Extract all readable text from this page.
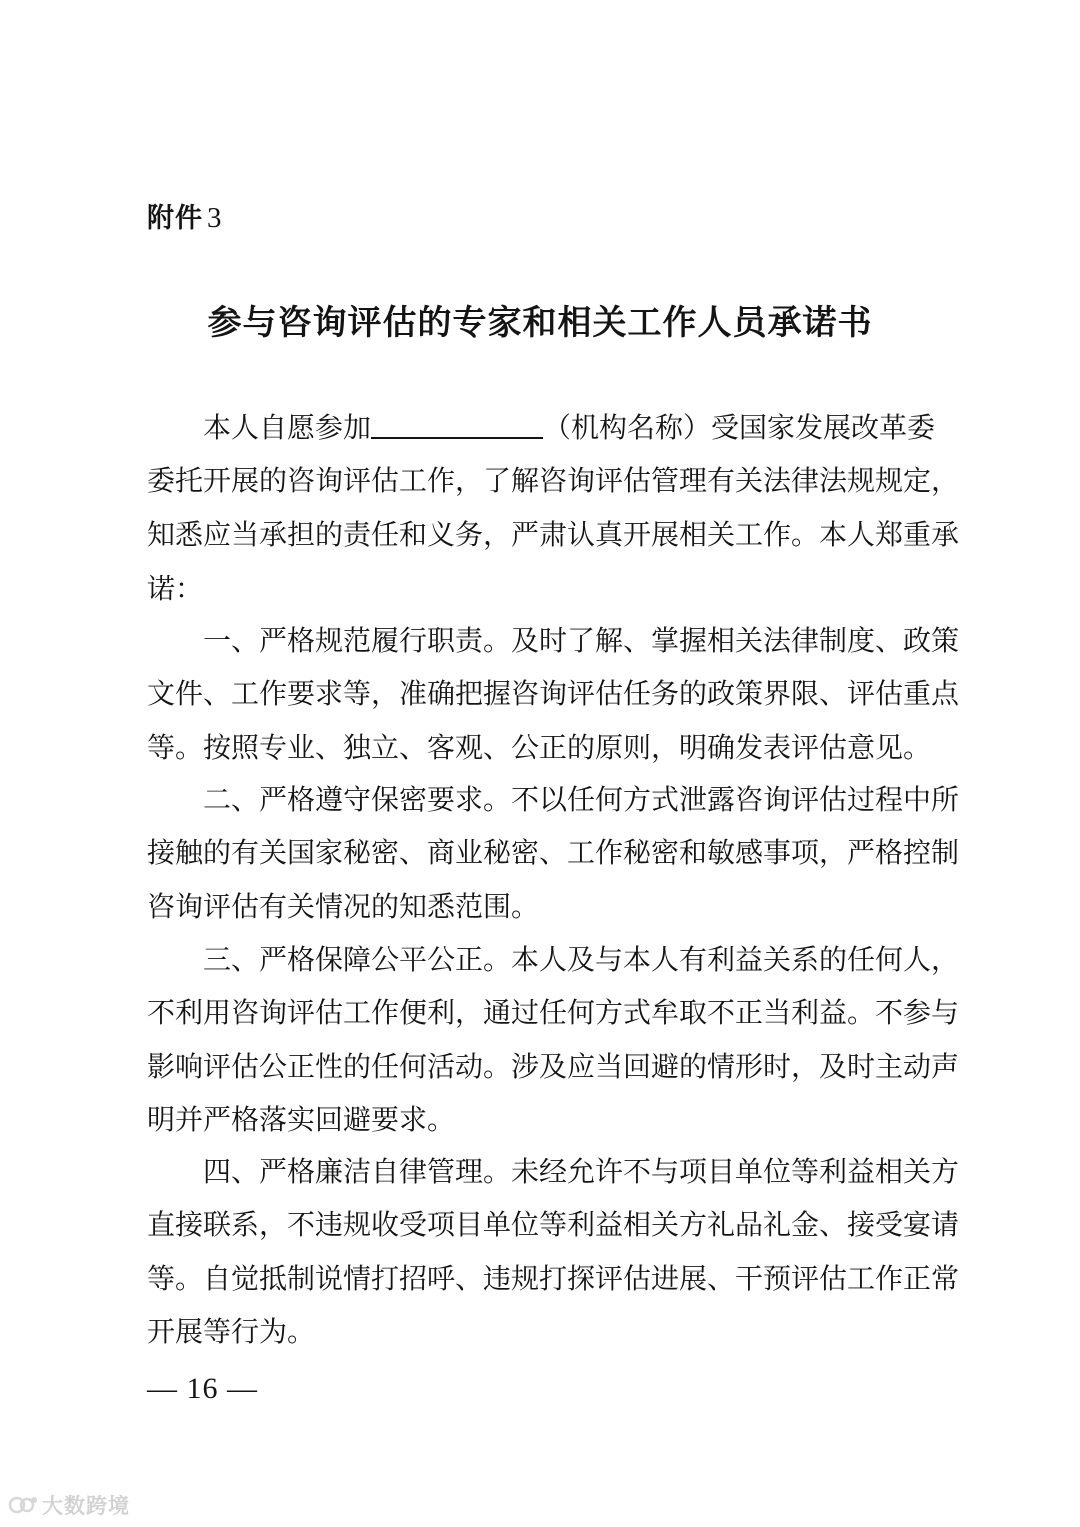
附件 3
参与咨询评估的专家和相关工作人员承诺书
本人自愿参加	（机构名称）受国家发展改革委
委托开展的咨询评估工作，了解咨询评估管理有关法律法规规定，
知悉应当承担的责任和义务，严肃认真开展相关工作。本人郑重承
诺：
一、严格规范履行职责。及时了解、掌握相关法律制度、政策
文件、工作要求等，准确把握咨询评估任务的政策界限、评估重点
等。按照专业、独立、客观、公正的原则，明确发表评估意见。
二、严格遵守保密要求。不以任何方式泄露咨询评估过程中所
接触的有关国家秘密、商业秘密、工作秘密和敏感事项，严格控制
咨询评估有关情况的知悉范围。
三、严格保障公平公正。本人及与本人有利益关系的任何人，
不利用咨询评估工作便利，通过任何方式牟取不正当利益。不参与
影响评估公正性的任何活动。涉及应当回避的情形时，及时主动声
明并严格落实回避要求。
四、严格廉洁自律管理。未经允许不与项目单位等利益相关方
直接联系，不违规收受项目单位等利益相关方礼品礼金、接受宴请
等。自觉抵制说情打招呼、违规打探评估进展、干预评估工作正常
开展等行为。
— 16 —
大数跨境
